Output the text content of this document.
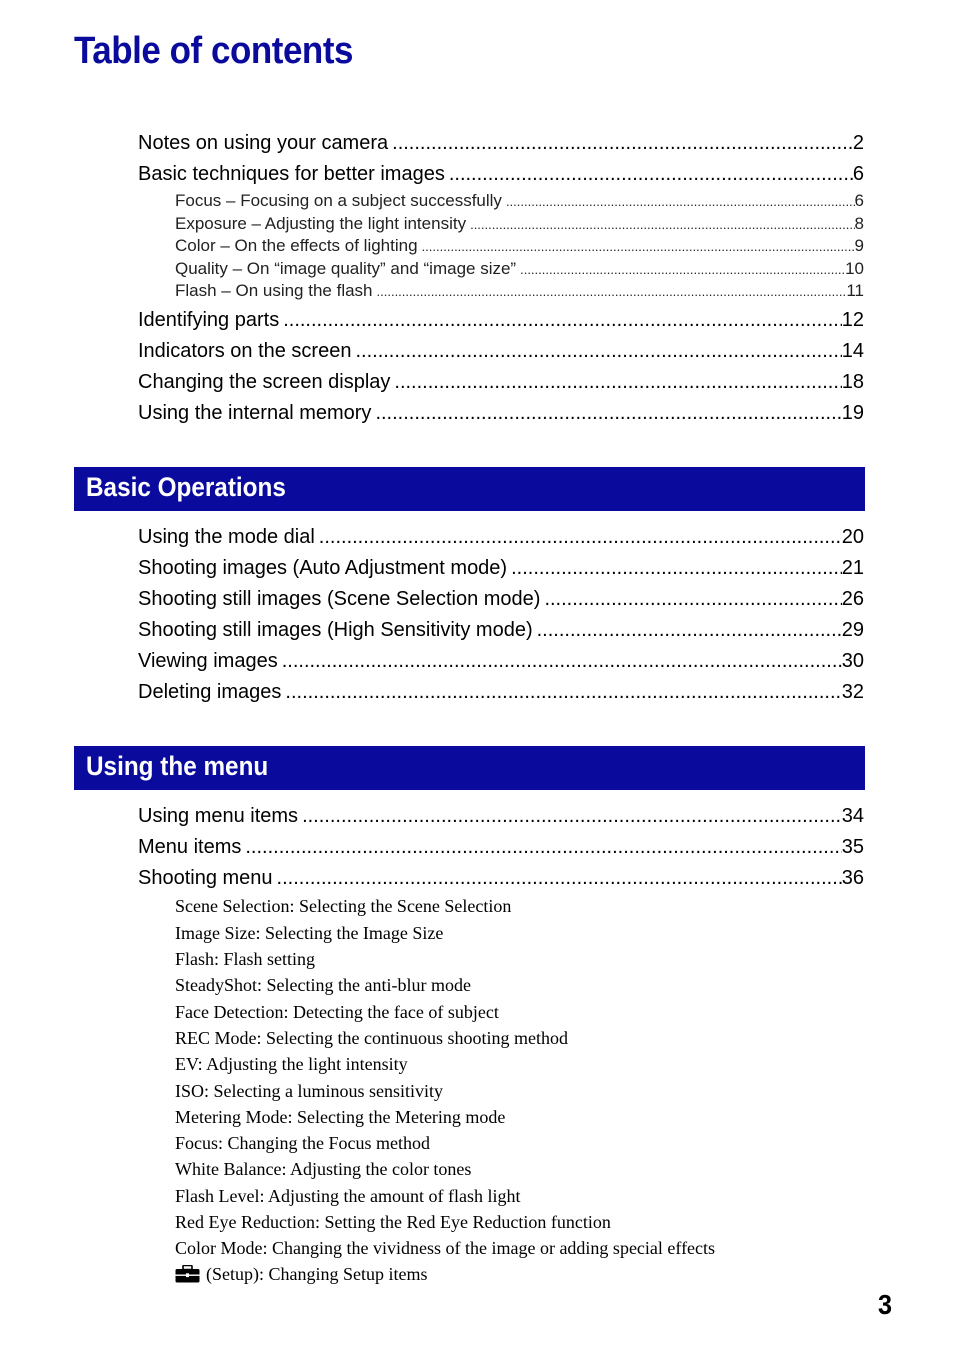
Table of contents
Notes on using your camera .....	2
Basic techniques for better images .....	6
Focus – Focusing on a subject successfully .....	6
Exposure – Adjusting the light intensity .....	8
Color – On the effects of lighting .....	9
Quality – On “image quality” and “image size” .....	10
Flash – On using the flash .....	11
Identifying parts .....	12
Indicators on the screen .....	14
Changing the screen display .....	18
Using the internal memory .....	19
Basic Operations
Using the mode dial .....	20
Shooting images (Auto Adjustment mode) .....	21
Shooting still images (Scene Selection mode) .....	26
Shooting still images (High Sensitivity mode) .....	29
Viewing images .....	30
Deleting images .....	32
Using the menu
Using menu items .....	34
Menu items .....	35
Shooting menu .....	36
Scene Selection: Selecting the Scene Selection
Image Size: Selecting the Image Size
Flash: Flash setting
SteadyShot: Selecting the anti-blur mode
Face Detection: Detecting the face of subject
REC Mode: Selecting the continuous shooting method
EV: Adjusting the light intensity
ISO: Selecting a luminous sensitivity
Metering Mode: Selecting the Metering mode
Focus: Changing the Focus method
White Balance: Adjusting the color tones
Flash Level: Adjusting the amount of flash light
Red Eye Reduction: Setting the Red Eye Reduction function
Color Mode: Changing the vividness of the image or adding special effects
(Setup): Changing Setup items
3
